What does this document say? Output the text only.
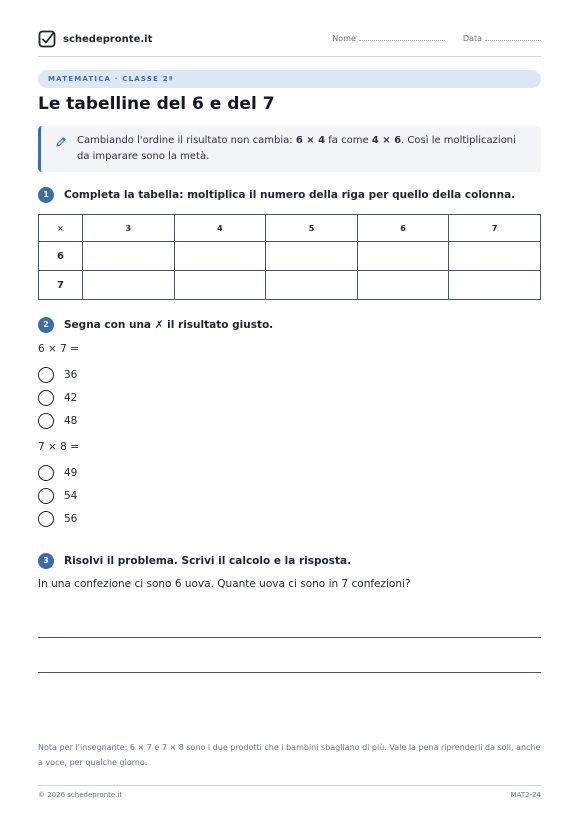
schedepronte.it	Nome	Data
MATEMATICA · CLASSE 2ª
Le tabelline del 6 e del 7
Cambiando l'ordine il risultato non cambia: 6 × 4 fa come 4 × 6. Così le moltiplicazioni da imparare sono la metà.
1	Completa la tabella: moltiplica il numero della riga per quello della colonna.
×	3	4	5	6	7
6					
7					
2	Segna con una ✗ il risultato giusto.
6 × 7 =
36
42
48
7 × 8 =
49
54
56
3	Risolvi il problema. Scrivi il calcolo e la risposta.
In una confezione ci sono 6 uova. Quante uova ci sono in 7 confezioni?
Nota per l’insegnante: 6 × 7 e 7 × 8 sono i due prodotti che i bambini sbagliano di più. Vale la pena riprenderli da soli, anche a voce, per qualche giorno.
© 2026 schedepronte.it	MAT2-24
